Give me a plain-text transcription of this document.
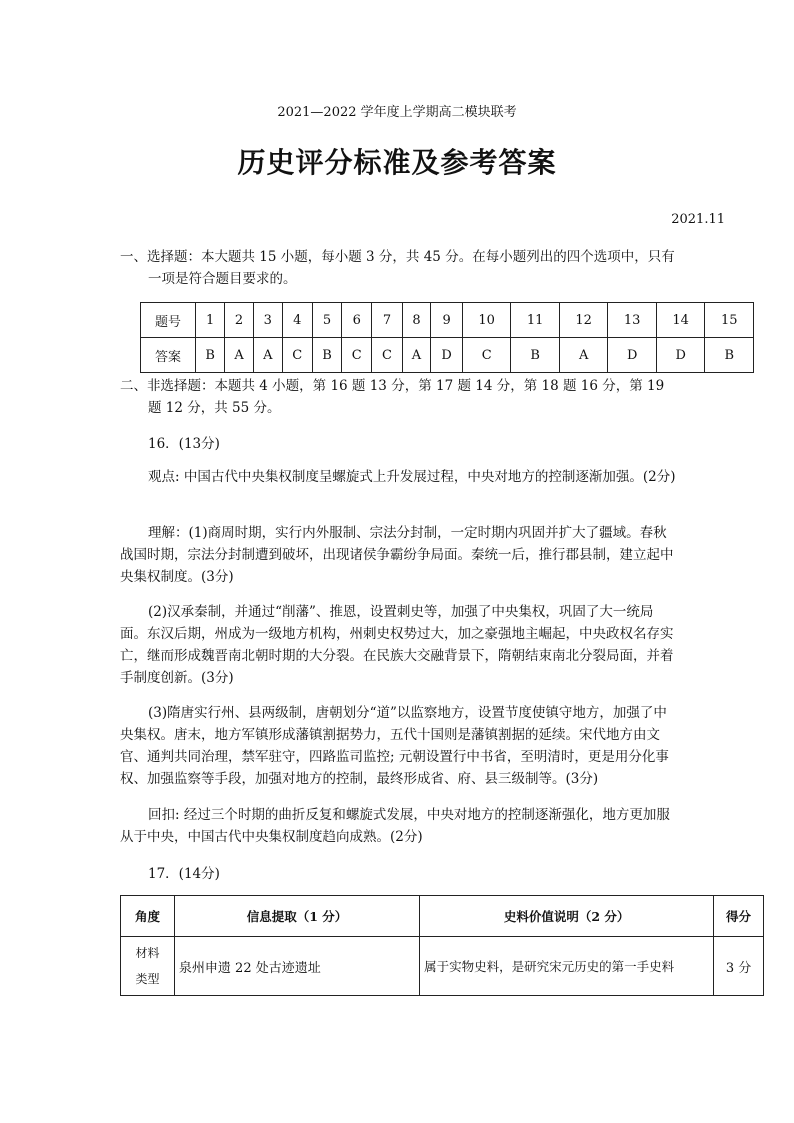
2021—2022 学年度上学期高二模块联考
历史评分标准及参考答案
2021.11

一、选择题：本大题共 15 小题，每小题 3 分，共 45 分。在每小题列出的四个选项中，只有一项是符合题目要求的。

题号	1	2	3	4	5	6	7	8	9	10	11	12	13	14	15
答案	B	A	A	C	B	C	C	A	D	C	B	A	D	D	B

二、非选择题：本题共 4 小题，第 16 题 13 分，第 17 题 14 分，第 18 题 16 分，第 19 题 12 分，共 55 分。

16．(13分)

观点: 中国古代中央集权制度呈螺旋式上升发展过程，中央对地方的控制逐渐加强。(2分)

理解：(1)商周时期，实行内外服制、宗法分封制，一定时期内巩固并扩大了疆域。春秋战国时期，宗法分封制遭到破坏，出现诸侯争霸纷争局面。秦统一后，推行郡县制，建立起中央集权制度。(3分)

(2)汉承秦制，并通过“削藩”、推恩，设置刺史等，加强了中央集权，巩固了大一统局面。东汉后期，州成为一级地方机构，州刺史权势过大，加之豪强地主崛起，中央政权名存实亡，继而形成魏晋南北朝时期的大分裂。在民族大交融背景下，隋朝结束南北分裂局面，并着手制度创新。(3分)

(3)隋唐实行州、县两级制，唐朝划分“道”以监察地方，设置节度使镇守地方，加强了中央集权。唐末，地方军镇形成藩镇割据势力，五代十国则是藩镇割据的延续。宋代地方由文官、通判共同治理，禁军驻守，四路监司监控; 元朝设置行中书省，至明清时，更是用分化事权、加强监察等手段，加强对地方的控制，最终形成省、府、县三级制等。(3分)

回扣: 经过三个时期的曲折反复和螺旋式发展，中央对地方的控制逐渐强化，地方更加服从于中央，中国古代中央集权制度趋向成熟。(2分)

17．(14分)
角度	信息提取（1 分）	史料价值说明（2 分）	得分

材料
类型	泉州申遗 22 处古迹遗址	属于实物史料，是研究宋元历史的第一手史料	3 分
